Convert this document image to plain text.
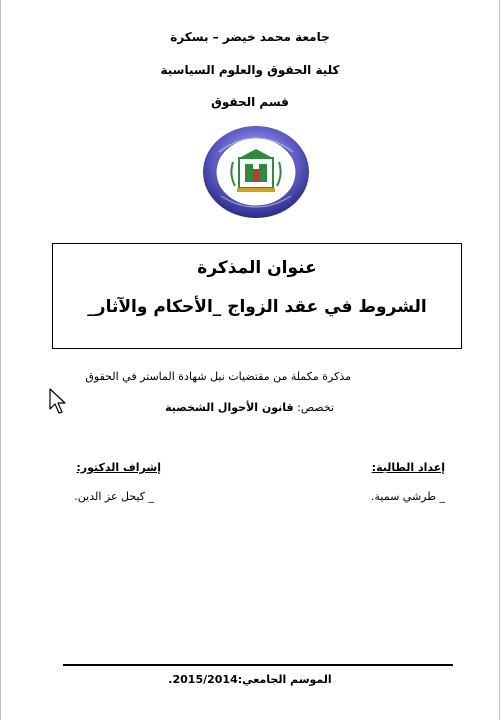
جامعة محمد خيضر – بسكرة
كلية الحقوق والعلوم السياسية
قسم الحقوق
عنوان المذكرة
الشروط في عقد الزواج _الأحكام والآثار_
مذكرة مكملة من مقتضيات نيل شهادة الماستر في الحقوق
تخصص: قانون الأحوال الشخصية
إعداد الطالبة:
_ طرشي سمية.
إشراف الدكتور:
_ كيحل عز الدين.
الموسم الجامعي:2015/2014.
